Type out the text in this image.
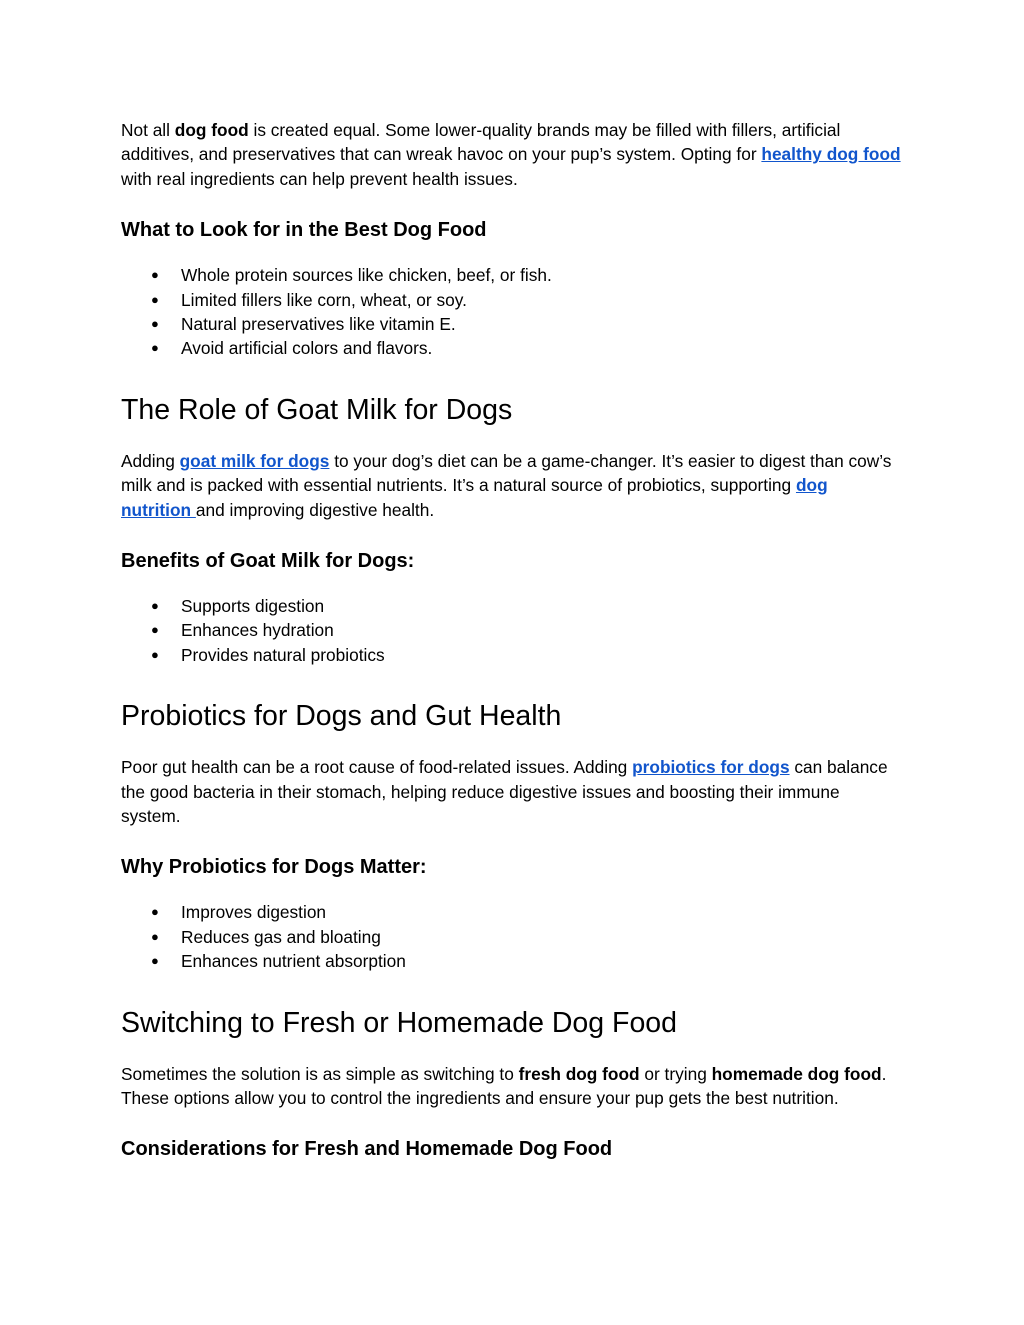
Not all dog food is created equal. Some lower-quality brands may be filled with fillers, artificial additives, and preservatives that can wreak havoc on your pup’s system. Opting for healthy dog food with real ingredients can help prevent health issues.

What to Look for in the Best Dog Food
● Whole protein sources like chicken, beef, or fish.
● Limited fillers like corn, wheat, or soy.
● Natural preservatives like vitamin E.
● Avoid artificial colors and flavors.
The Role of Goat Milk for Dogs

Adding goat milk for dogs to your dog’s diet can be a game-changer. It’s easier to digest than cow’s milk and is packed with essential nutrients. It’s a natural source of probiotics, supporting dog nutrition and improving digestive health.

Benefits of Goat Milk for Dogs:
● Supports digestion
● Enhances hydration
● Provides natural probiotics
Probiotics for Dogs and Gut Health

Poor gut health can be a root cause of food-related issues. Adding probiotics for dogs can balance the good bacteria in their stomach, helping reduce digestive issues and boosting their immune system.

Why Probiotics for Dogs Matter:
● Improves digestion
● Reduces gas and bloating
● Enhances nutrient absorption
Switching to Fresh or Homemade Dog Food

Sometimes the solution is as simple as switching to fresh dog food or trying homemade dog food. These options allow you to control the ingredients and ensure your pup gets the best nutrition.

Considerations for Fresh and Homemade Dog Food
